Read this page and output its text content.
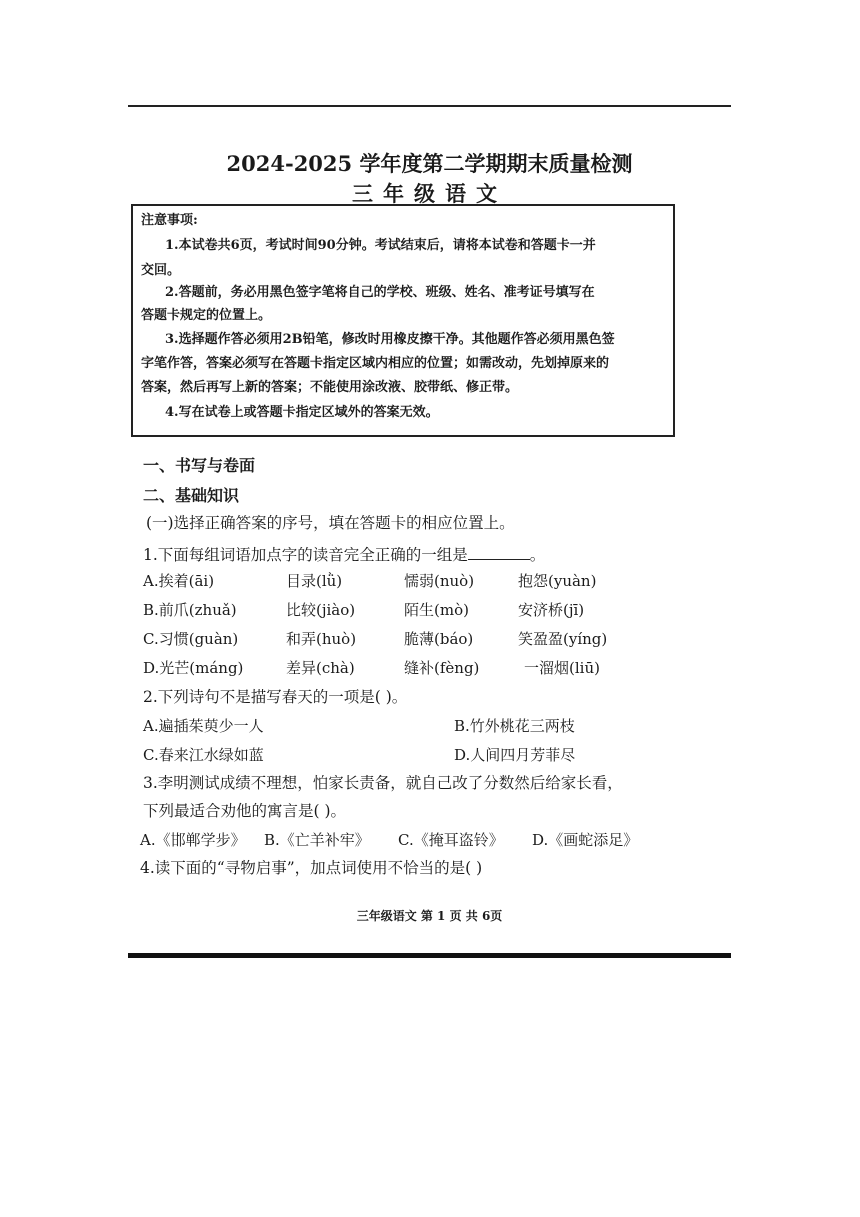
2024-2025 学年度第二学期期末质量检测
三年级语文
注意事项:
1.本试卷共6页，考试时间90分钟。考试结束后，请将本试卷和答题卡一并
交回。
2.答题前，务必用黑色签字笔将自己的学校、班级、姓名、准考证号填写在
答题卡规定的位置上。
3.选择题作答必须用2B铅笔，修改时用橡皮擦干净。其他题作答必须用黑色签
字笔作答，答案必须写在答题卡指定区域内相应的位置；如需改动，先划掉原来的
答案，然后再写上新的答案；不能使用涂改液、胶带纸、修正带。
4.写在试卷上或答题卡指定区域外的答案无效。
一、书写与卷面
二、基础知识
(一)选择正确答案的序号，填在答题卡的相应位置上。
1.下面每组词语加点字的读音完全正确的一组是	。
A.挨着(āi)	目录(lǜ)	懦弱(nuò)	抱怨(yuàn)
B.前爪(zhuǎ)	比较(jiào)	陌生(mò)	安济桥(jī)
C.习惯(guàn)	和弄(huò)	脆薄(báo)	笑盈盈(yíng)
D.光芒(máng)	差异(chà)	缝补(fèng)	一溜烟(liū)
2.下列诗句不是描写春天的一项是( )。
A.遍插茱萸少一人	B.竹外桃花三两枝
C.春来江水绿如蓝	D.人间四月芳菲尽
3.李明测试成绩不理想，怕家长责备，就自己改了分数然后给家长看，
下列最适合劝他的寓言是( )。
A.《邯郸学步》 B.《亡羊补牢》 C.《掩耳盗铃》 D.《画蛇添足》
4.读下面的“寻物启事”，加点词使用不恰当的是( )
三年级语文 第 1 页 共 6页
